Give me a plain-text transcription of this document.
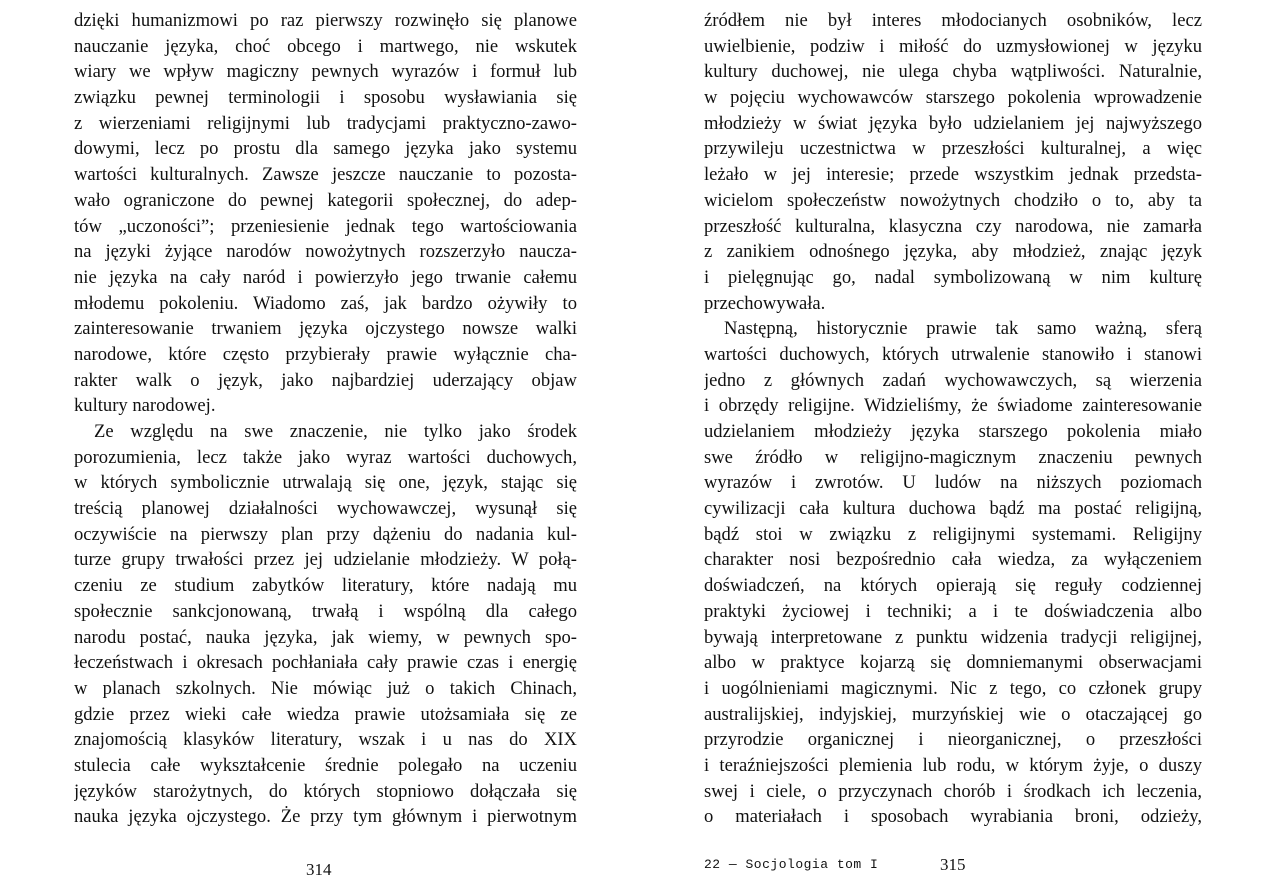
dzięki humanizmowi po raz pierwszy rozwinęło się planowe
nauczanie języka, choć obcego i martwego, nie wskutek
wiary we wpływ magiczny pewnych wyrazów i formuł lub
związku pewnej terminologii i sposobu wysławiania się
z wierzeniami religijnymi lub tradycjami praktyczno-zawo-
dowymi, lecz po prostu dla samego języka jako systemu
wartości kulturalnych. Zawsze jeszcze nauczanie to pozosta-
wało ograniczone do pewnej kategorii społecznej, do adep-
tów „uczoności”; przeniesienie jednak tego wartościowania
na języki żyjące narodów nowożytnych rozszerzyło naucza-
nie języka na cały naród i powierzyło jego trwanie całemu
młodemu pokoleniu. Wiadomo zaś, jak bardzo ożywiły to
zainteresowanie trwaniem języka ojczystego nowsze walki
narodowe, które często przybierały prawie wyłącznie cha-
rakter walk o język, jako najbardziej uderzający objaw
kultury narodowej.
Ze względu na swe znaczenie, nie tylko jako środek
porozumienia, lecz także jako wyraz wartości duchowych,
w których symbolicznie utrwalają się one, język, stając się
treścią planowej działalności wychowawczej, wysunął się
oczywiście na pierwszy plan przy dążeniu do nadania kul-
turze grupy trwałości przez jej udzielanie młodzieży. W połą-
czeniu ze studium zabytków literatury, które nadają mu
społecznie sankcjonowaną, trwałą i wspólną dla całego
narodu postać, nauka języka, jak wiemy, w pewnych spo-
łeczeństwach i okresach pochłaniała cały prawie czas i energię
w planach szkolnych. Nie mówiąc już o takich Chinach,
gdzie przez wieki całe wiedza prawie utożsamiała się ze
znajomością klasyków literatury, wszak i u nas do XIX
stulecia całe wykształcenie średnie polegało na uczeniu
języków starożytnych, do których stopniowo dołączała się
nauka języka ojczystego. Że przy tym głównym i pierwotnym
źródłem nie był interes młodocianych osobników, lecz
uwielbienie, podziw i miłość do uzmysłowionej w języku
kultury duchowej, nie ulega chyba wątpliwości. Naturalnie,
w pojęciu wychowawców starszego pokolenia wprowadzenie
młodzieży w świat języka było udzielaniem jej najwyższego
przywileju uczestnictwa w przeszłości kulturalnej, a więc
leżało w jej interesie; przede wszystkim jednak przedsta-
wicielom społeczeństw nowożytnych chodziło o to, aby ta
przeszłość kulturalna, klasyczna czy narodowa, nie zamarła
z zanikiem odnośnego języka, aby młodzież, znając język
i pielęgnując go, nadal symbolizowaną w nim kulturę
przechowywała.
Następną, historycznie prawie tak samo ważną, sferą
wartości duchowych, których utrwalenie stanowiło i stanowi
jedno z głównych zadań wychowawczych, są wierzenia
i obrzędy religijne. Widzieliśmy, że świadome zainteresowanie
udzielaniem młodzieży języka starszego pokolenia miało
swe źródło w religijno-magicznym znaczeniu pewnych
wyrazów i zwrotów. U ludów na niższych poziomach
cywilizacji cała kultura duchowa bądź ma postać religijną,
bądź stoi w związku z religijnymi systemami. Religijny
charakter nosi bezpośrednio cała wiedza, za wyłączeniem
doświadczeń, na których opierają się reguły codziennej
praktyki życiowej i techniki; a i te doświadczenia albo
bywają interpretowane z punktu widzenia tradycji religijnej,
albo w praktyce kojarzą się domniemanymi obserwacjami
i uogólnieniami magicznymi. Nic z tego, co członek grupy
australijskiej, indyjskiej, murzyńskiej wie o otaczającej go
przyrodzie organicznej i nieorganicznej, o przeszłości
i teraźniejszości plemienia lub rodu, w którym żyje, o duszy
swej i ciele, o przyczynach chorób i środkach ich leczenia,
o materiałach i sposobach wyrabiania broni, odzieży,
314	22 — Socjologia tom I	315
